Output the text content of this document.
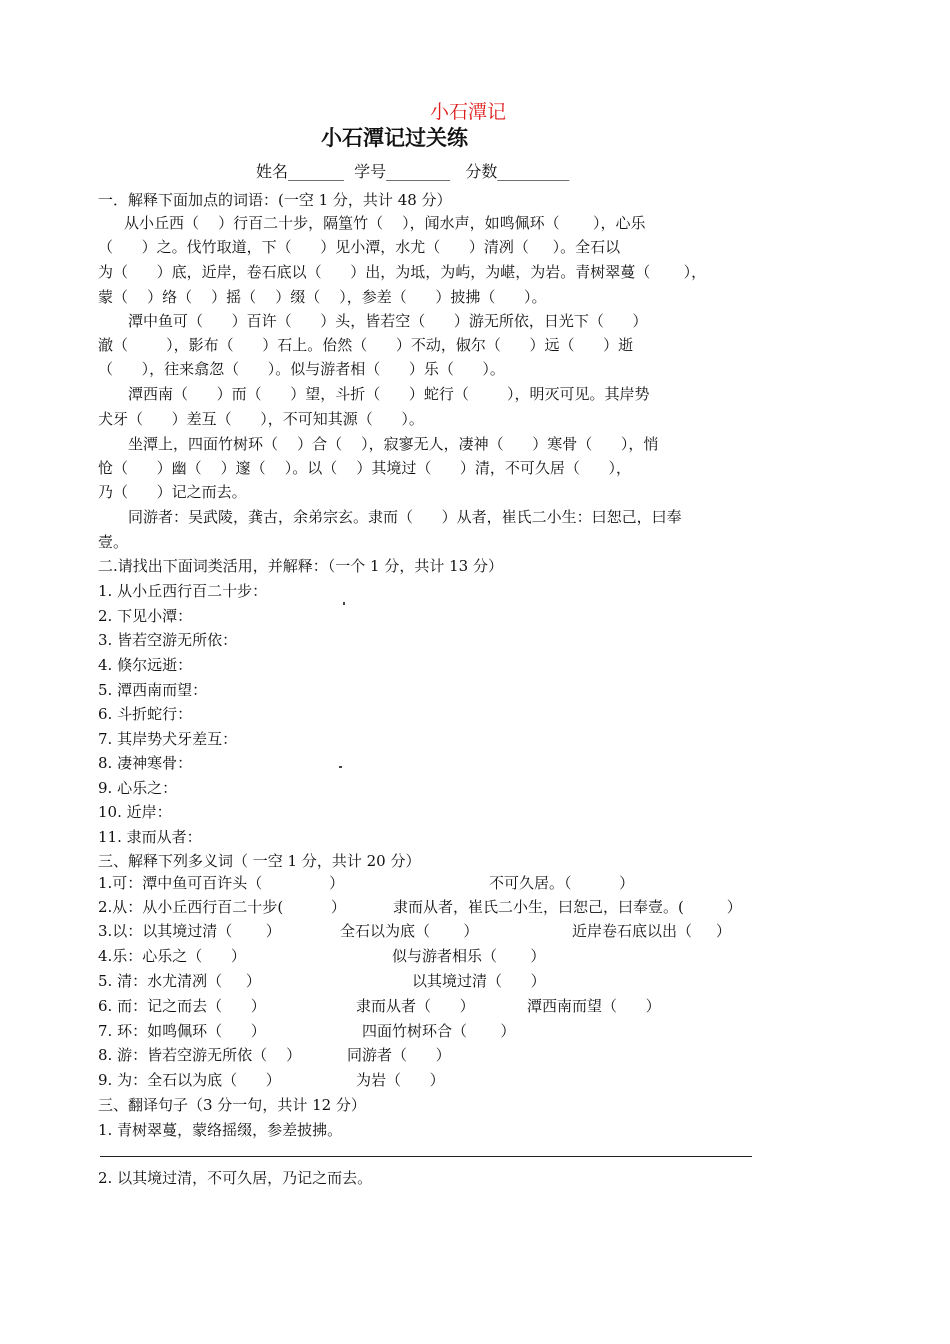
小石潭记
小石潭记过关练
姓名_______  学号________   分数_________
一．解释下面加点的词语：(一空 1 分，共计 48 分）
从小丘西（    ）行百二十步，隔篁竹（    ），闻水声，如鸣佩环（       ），心乐
（      ）之。伐竹取道，下（      ）见小潭，水尤（      ）清冽（     ）。全石以
为（      ）底，近岸，卷石底以（      ）出，为坻，为屿，为嵁，为岩。青树翠蔓（       ），
蒙（    ）络（    ）摇（    ）缀（    ），参差（      ）披拂（      ）。
潭中鱼可（      ）百许（      ）头，皆若空（      ）游无所依，日光下（      ）
澈（        ），影布（      ）石上。佁然（      ）不动，俶尔（      ）远（      ）逝
（      ），往来翕忽（      ）。似与游者相（      ）乐（      ）。
潭西南（      ）而（      ）望，斗折（      ）蛇行（        ），明灭可见。其岸势
犬牙（      ）差互（      ），不可知其源（      ）。
坐潭上，四面竹树环（    ）合（    ），寂寥无人，凄神（      ）寒骨（      ），悄
怆（      ）幽（    ）邃（    ）。以（    ）其境过（      ）清，不可久居（      ），
乃（      ）记之而去。
同游者：吴武陵，龚古，余弟宗玄。隶而（      ）从者，崔氏二小生：曰恕己，曰奉
壹。
二.请找出下面词类活用，并解释：（一个 1 分，共计 13 分）
1. 从小丘西行百二十步：
2. 下见小潭：
3. 皆若空游无所依：
4. 倏尔远逝：
5. 潭西南而望：
6. 斗折蛇行：
7. 其岸势犬牙差互：
8. 凄神寒骨：
9. 心乐之：
10. 近岸：
11. 隶而从者：
三、解释下列多义词（ 一空 1 分，共计 20 分）
1.可：潭中鱼可百许头（              ）	不可久居。（          ）
2.从：从小丘西行百二十步(          ）	隶而从者，崔氏二小生，曰恕己，曰奉壹。(         ）
3.以：以其境过清（       ）	全石以为底（       ）	近岸卷石底以出（     ）
4.乐：心乐之（      ）	似与游者相乐（       ）
5. 清：水尤清冽（     ）	以其境过清（      ）
6. 而：记之而去（      ）	隶而从者（      ）	潭西南而望（      ）
7. 环：如鸣佩环（      ）	四面竹树环合（       ）
8. 游：皆若空游无所依（    ）	同游者（      ）
9. 为：全石以为底（      ）	为岩（      ）
三、翻译句子（3 分一句，共计 12 分）
1. 青树翠蔓，蒙络摇缀，参差披拂。
2. 以其境过清，不可久居，乃记之而去。
